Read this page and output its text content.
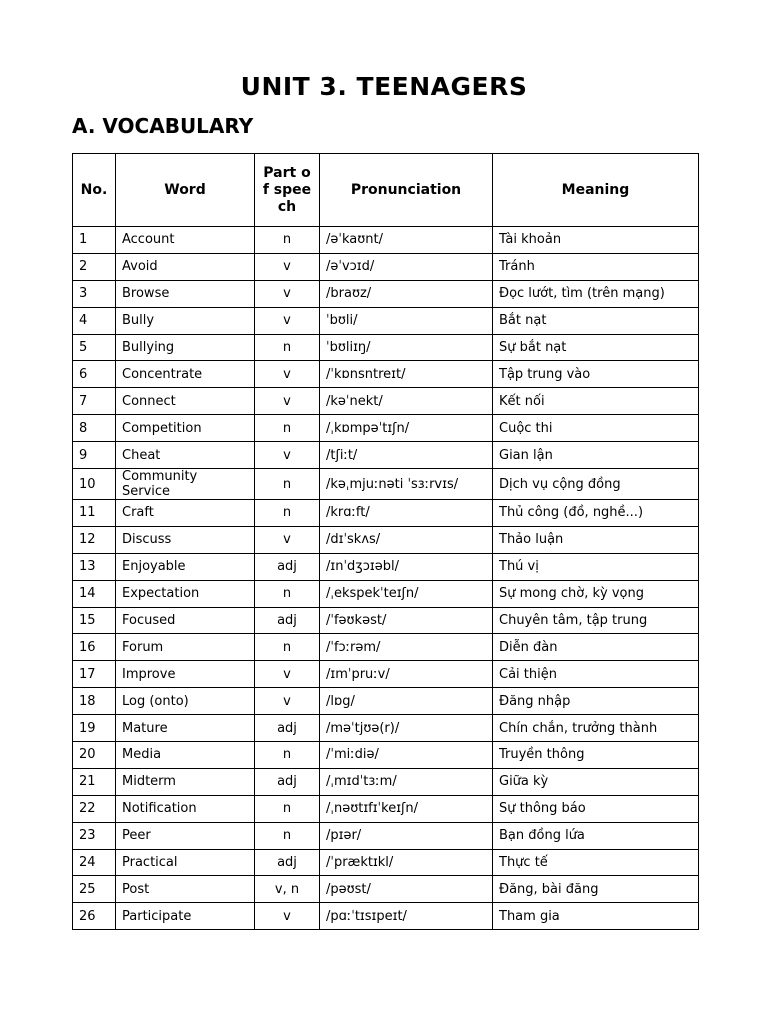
UNIT 3. TEENAGERS
A. VOCABULARY
No.	Word	Part of speech	Pronunciation	Meaning
1	Account	n	/əˈkaʊnt/	Tài khoản
2	Avoid	v	/əˈvɔɪd/	Tránh
3	Browse	v	/braʊz/	Đọc lướt, tìm (trên mạng)
4	Bully	v	ˈbʊli/	Bắt nạt
5	Bullying	n	ˈbʊliɪŋ/	Sự bắt nạt
6	Concentrate	v	/ˈkɒnsntreɪt/	Tập trung vào
7	Connect	v	/kəˈnekt/	Kết nối
8	Competition	n	/ˌkɒmpəˈtɪʃn/	Cuộc thi
9	Cheat	v	/tʃiːt/	Gian lận
10	Community Service	n	/kəˌmjuːnəti ˈsɜːrvɪs/	Dịch vụ cộng đồng
11	Craft	n	/krɑːft/	Thủ công (đồ, nghề...)
12	Discuss	v	/dɪˈskʌs/	Thảo luận
13	Enjoyable	adj	/ɪnˈdʒɔɪəbl/	Thú vị
14	Expectation	n	/ˌekspekˈteɪʃn/	Sự mong chờ, kỳ vọng
15	Focused	adj	/ˈfəʊkəst/	Chuyên tâm, tập trung
16	Forum	n	/ˈfɔːrəm/	Diễn đàn
17	Improve	v	/ɪmˈpruːv/	Cải thiện
18	Log (onto)	v	/lɒg/	Đăng nhập
19	Mature	adj	/məˈtjʊə(r)/	Chín chắn, trưởng thành
20	Media	n	/ˈmiːdiə/	Truyền thông
21	Midterm	adj	/ˌmɪdˈtɜːm/	Giữa kỳ
22	Notification	n	/ˌnəʊtɪfɪˈkeɪʃn/	Sự thông báo
23	Peer	n	/pɪər/	Bạn đồng lứa
24	Practical	adj	/ˈpræktɪkl/	Thực tế
25	Post	v, n	/pəʊst/	Đăng, bài đăng
26	Participate	v	/pɑːˈtɪsɪpeɪt/	Tham gia
